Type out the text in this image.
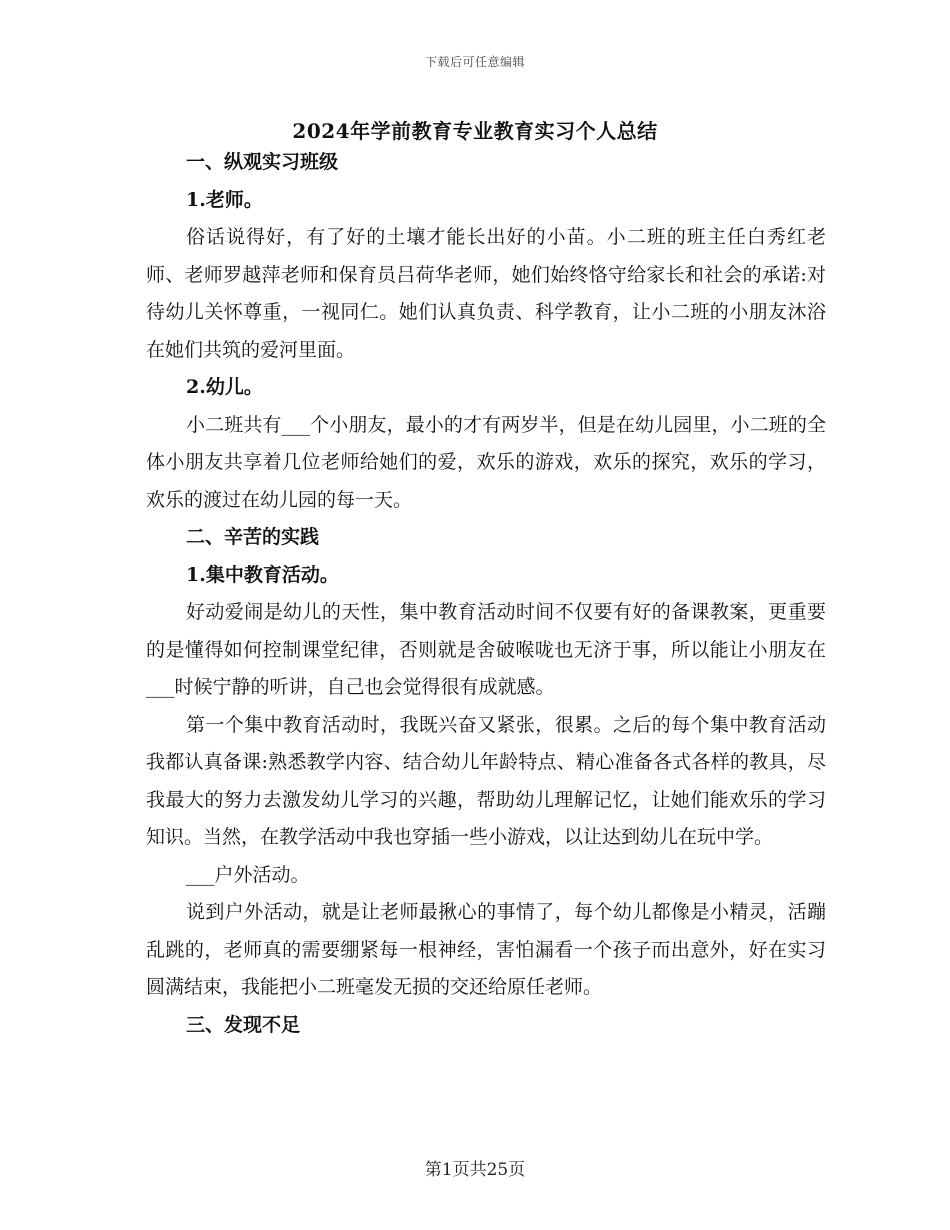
下载后可任意编辑
2024年学前教育专业教育实习个人总结

一、纵观实习班级

1.老师。

俗话说得好，有了好的土壤才能长出好的小苗。小二班的班主任白秀红老师、老师罗越萍老师和保育员吕荷华老师，她们始终恪守给家长和社会的承诺:对待幼儿关怀尊重，一视同仁。她们认真负责、科学教育，让小二班的小朋友沐浴在她们共筑的爱河里面。

2.幼儿。

小二班共有___个小朋友，最小的才有两岁半，但是在幼儿园里，小二班的全体小朋友共享着几位老师给她们的爱，欢乐的游戏，欢乐的探究，欢乐的学习，欢乐的渡过在幼儿园的每一天。

二、辛苦的实践

1.集中教育活动。

好动爱闹是幼儿的天性，集中教育活动时间不仅要有好的备课教案，更重要的是懂得如何控制课堂纪律，否则就是舍破喉咙也无济于事，所以能让小朋友在___时候宁静的听讲，自己也会觉得很有成就感。

第一个集中教育活动时，我既兴奋又紧张，很累。之后的每个集中教育活动我都认真备课:熟悉教学内容、结合幼儿年龄特点、精心准备各式各样的教具，尽我最大的努力去激发幼儿学习的兴趣，帮助幼儿理解记忆，让她们能欢乐的学习知识。当然，在教学活动中我也穿插一些小游戏，以让达到幼儿在玩中学。

___户外活动。

说到户外活动，就是让老师最揪心的事情了，每个幼儿都像是小精灵，活蹦乱跳的，老师真的需要绷紧每一根神经，害怕漏看一个孩子而出意外，好在实习圆满结束，我能把小二班毫发无损的交还给原任老师。

三、发现不足

第1页共25页
